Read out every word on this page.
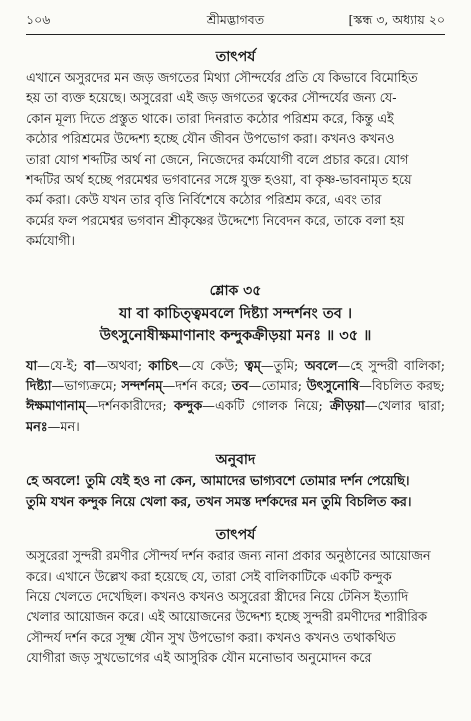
১০৬	শ্রীমদ্ভাগবত	[স্কন্ধ ৩, অধ্যায় ২০
তাৎপর্য

এখানে অসুরদের মন জড় জগতের মিথ্যা সৌন্দর্যের প্রতি যে কিভাবে বিমোহিত

হয় তা ব্যক্ত হয়েছে। অসুরেরা এই জড় জগতের ত্বকের সৌন্দর্যের জন্য যে-

কোন মূল্য দিতে প্রস্তুত থাকে। তারা দিনরাত কঠোর পরিশ্রম করে, কিন্তু এই

কঠোর পরিশ্রমের উদ্দেশ্য হচ্ছে যৌন জীবন উপভোগ করা। কখনও কখনও

তারা যোগ শব্দটির অর্থ না জেনে, নিজেদের কর্মযোগী বলে প্রচার করে। যোগ

শব্দটির অর্থ হচ্ছে পরমেশ্বর ভগবানের সঙ্গে যুক্ত হওয়া, বা কৃষ্ণ-ভাবনামৃত হয়ে

কর্ম করা। কেউ যখন তার বৃত্তি নির্বিশেষে কঠোর পরিশ্রম করে, এবং তার

কর্মের ফল পরমেশ্বর ভগবান শ্রীকৃষ্ণের উদ্দেশ্যে নিবেদন করে, তাকে বলা হয়

কর্মযোগী।

শ্লোক ৩৫

যা বা কাচিত্ত্বমবলে দিষ্ট্যা সন্দর্শনং তব ।

উৎসুনোষীক্ষমাণানাং কন্দুকক্রীড়য়া মনঃ ॥ ৩৫ ॥

যা—যে-ই; বা—অথবা; কাচিৎ—যে কেউ; ত্বম্—তুমি; অবলে—হে সুন্দরী বালিকা; দিষ্ট্যা—ভাগ্যক্রমে; সন্দর্শনম্—দর্শন করে; তব—তোমার; উৎসুনোষি—বিচলিত করছ; ঈক্ষমাণানাম্—দর্শনকারীদের; কন্দুক—একটি গোলক নিয়ে; ক্রীড়য়া—খেলার দ্বারা; মনঃ—মন।

অনুবাদ

হে অবলে! তুমি যেই হও না কেন, আমাদের ভাগ্যবশে তোমার দর্শন পেয়েছি।

তুমি যখন কন্দুক নিয়ে খেলা কর, তখন সমস্ত দর্শকদের মন তুমি বিচলিত কর।

তাৎপর্য

অসুরেরা সুন্দরী রমণীর সৌন্দর্য দর্শন করার জন্য নানা প্রকার অনুষ্ঠানের আয়োজন

করে। এখানে উল্লেখ করা হয়েছে যে, তারা সেই বালিকাটিকে একটি কন্দুক

নিয়ে খেলতে দেখেছিল। কখনও কখনও অসুরেরা স্ত্রীদের নিয়ে টেনিস ইত্যাদি

খেলার আয়োজন করে। এই আয়োজনের উদ্দেশ্য হচ্ছে সুন্দরী রমণীদের শারীরিক

সৌন্দর্য দর্শন করে সূক্ষ্ম যৌন সুখ উপভোগ করা। কখনও কখনও তথাকথিত

যোগীরা জড় সুখভোগের এই আসুরিক যৌন মনোভাব অনুমোদন করে
